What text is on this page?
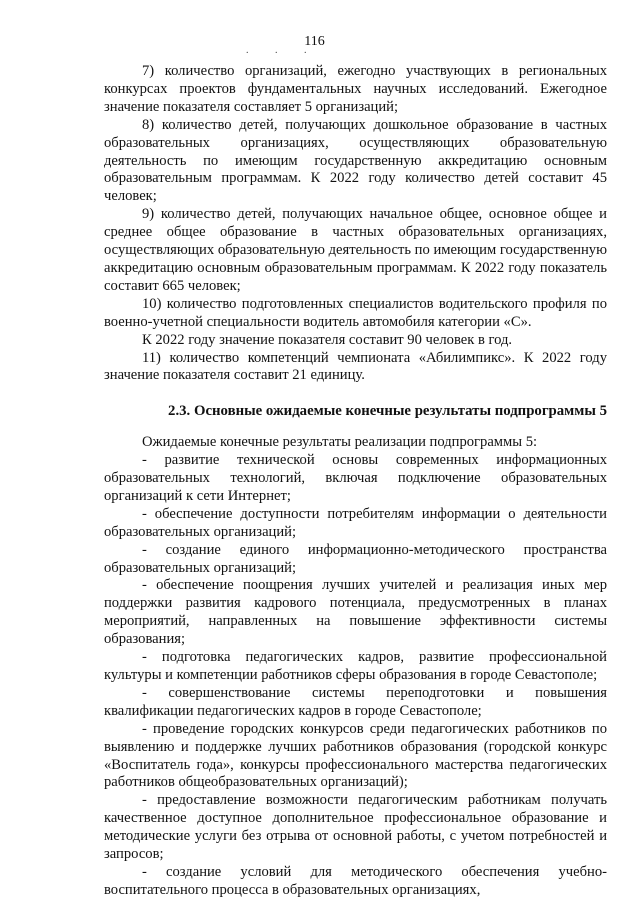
116
. . .

7) количество организаций, ежегодно участвующих в региональных конкурсах проектов фундаментальных научных исследований. Ежегодное значение показателя составляет 5 организаций;

8) количество детей, получающих дошкольное образование в частных образовательных организациях, осуществляющих образовательную деятельность по имеющим государственную аккредитацию основным образовательным программам. К 2022 году количество детей составит 45 человек;

9) количество детей, получающих начальное общее, основное общее и среднее общее образование в частных образовательных организациях, осуществляющих образовательную деятельность по имеющим государственную аккредитацию основным образовательным программам. К 2022 году показатель составит 665 человек;

10) количество подготовленных специалистов водительского профиля по военно-учетной специальности водитель автомобиля категории «С».

К 2022 году значение показателя составит 90 человек в год.

11) количество компетенций чемпионата «Абилимпикс». К 2022 году значение показателя составит 21 единицу.

2.3. Основные ожидаемые конечные результаты подпрограммы 5

Ожидаемые конечные результаты реализации подпрограммы 5:

- развитие технической основы современных информационных образовательных технологий, включая подключение образовательных организаций к сети Интернет;

- обеспечение доступности потребителям информации о деятельности образовательных организаций;

- создание единого информационно-методического пространства образовательных организаций;

- обеспечение поощрения лучших учителей и реализация иных мер поддержки развития кадрового потенциала, предусмотренных в планах мероприятий, направленных на повышение эффективности системы образования;

- подготовка педагогических кадров, развитие профессиональной культуры и компетенции работников сферы образования в городе Севастополе;

- совершенствование системы переподготовки и повышения квалификации педагогических кадров в городе Севастополе;

- проведение городских конкурсов среди педагогических работников по выявлению и поддержке лучших работников образования (городской конкурс «Воспитатель года», конкурсы профессионального мастерства педагогических работников общеобразовательных организаций);

- предоставление возможности педагогическим работникам получать качественное доступное дополнительное профессиональное образование и методические услуги без отрыва от основной работы, с учетом потребностей и запросов;

- создание условий для методического обеспечения учебно-воспитательного процесса в образовательных организациях,
